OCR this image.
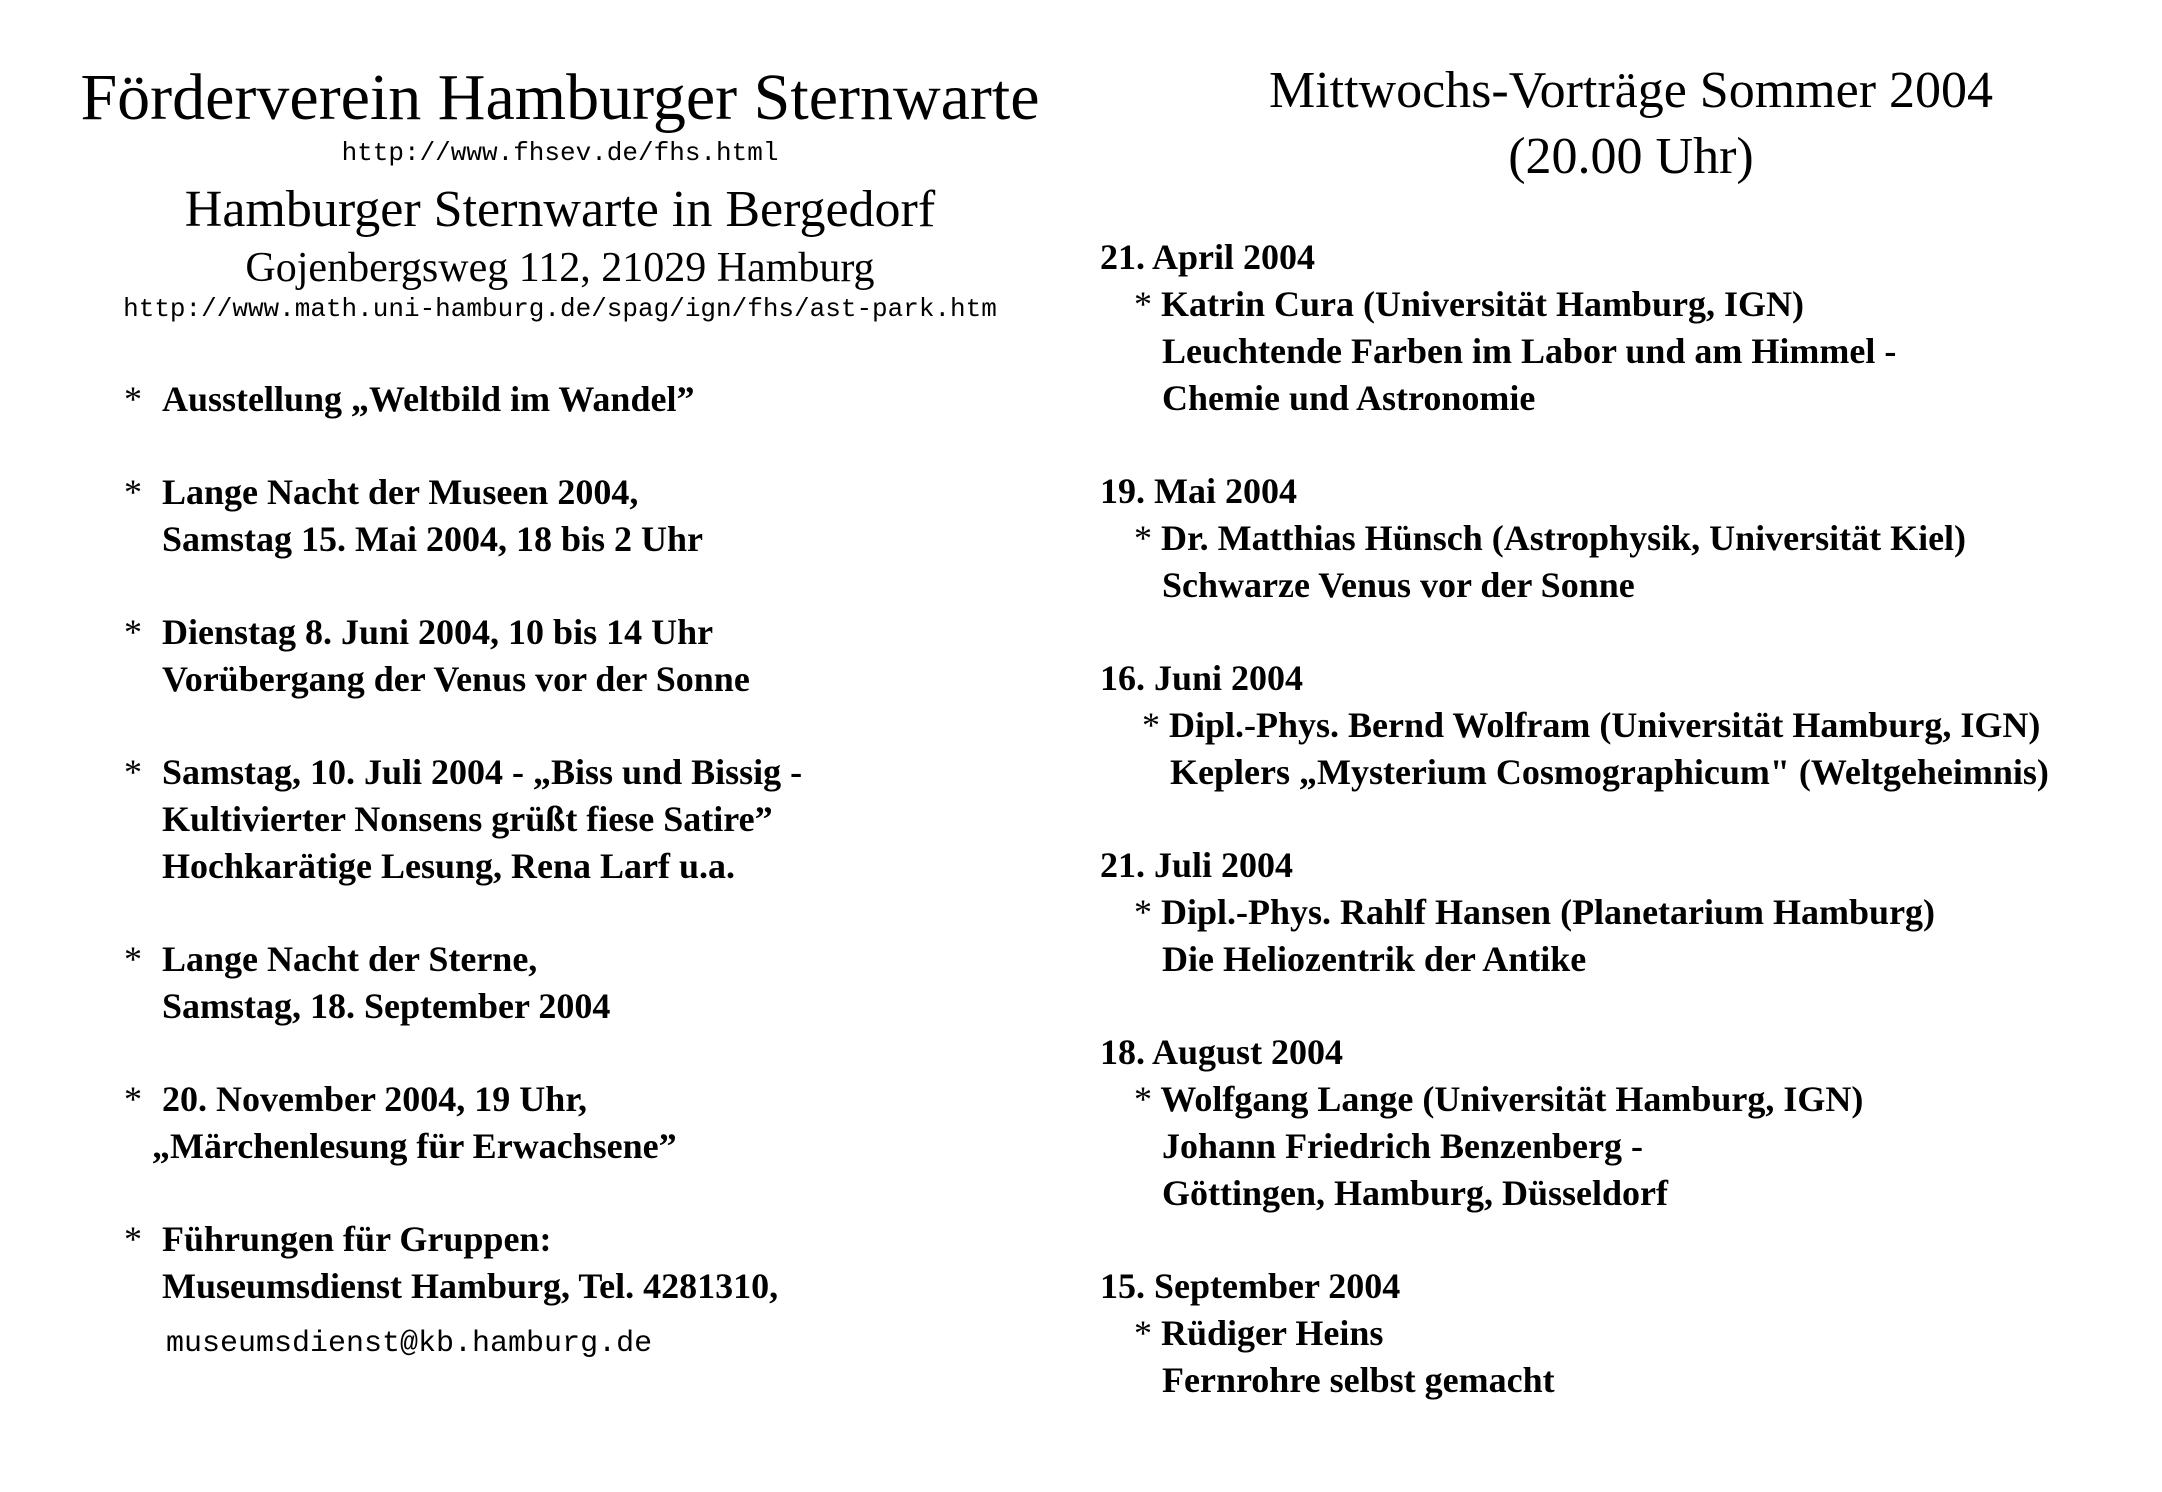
Förderverein Hamburger Sternwarte

http://www.fhsev.de/fhs.html

Hamburger Sternwarte in Bergedorf

Gojenbergsweg 112, 21029 Hamburg

http://www.math.uni-hamburg.de/spag/ign/fhs/ast-park.htm

* Ausstellung „Weltbild im Wandel”
* Lange Nacht der Museen 2004,
Samstag 15. Mai 2004, 18 bis 2 Uhr
* Dienstag 8. Juni 2004, 10 bis 14 Uhr
Vorübergang der Venus vor der Sonne
* Samstag, 10. Juli 2004 - „Biss und Bissig -
Kultivierter Nonsens grüßt fiese Satire”
Hochkarätige Lesung, Rena Larf u.a.
* Lange Nacht der Sterne,
Samstag, 18. September 2004
* 20. November 2004, 19 Uhr,
„Märchenlesung für Erwachsene”
* Führungen für Gruppen:
Museumsdienst Hamburg, Tel. 4281310,
museumsdienst@kb.hamburg.de
Mittwochs-Vorträge Sommer 2004
(20.00 Uhr)
21. April 2004
* Katrin Cura (Universität Hamburg, IGN)
Leuchtende Farben im Labor und am Himmel -
Chemie und Astronomie
19. Mai 2004
* Dr. Matthias Hünsch (Astrophysik, Universität Kiel)
Schwarze Venus vor der Sonne
16. Juni 2004
* Dipl.-Phys. Bernd Wolfram (Universität Hamburg, IGN)
Keplers „Mysterium Cosmographicum" (Weltgeheimnis)
21. Juli 2004
* Dipl.-Phys. Rahlf Hansen (Planetarium Hamburg)
Die Heliozentrik der Antike
18. August 2004
* Wolfgang Lange (Universität Hamburg, IGN)
Johann Friedrich Benzenberg -
Göttingen, Hamburg, Düsseldorf
15. September 2004
* Rüdiger Heins
Fernrohre selbst gemacht
